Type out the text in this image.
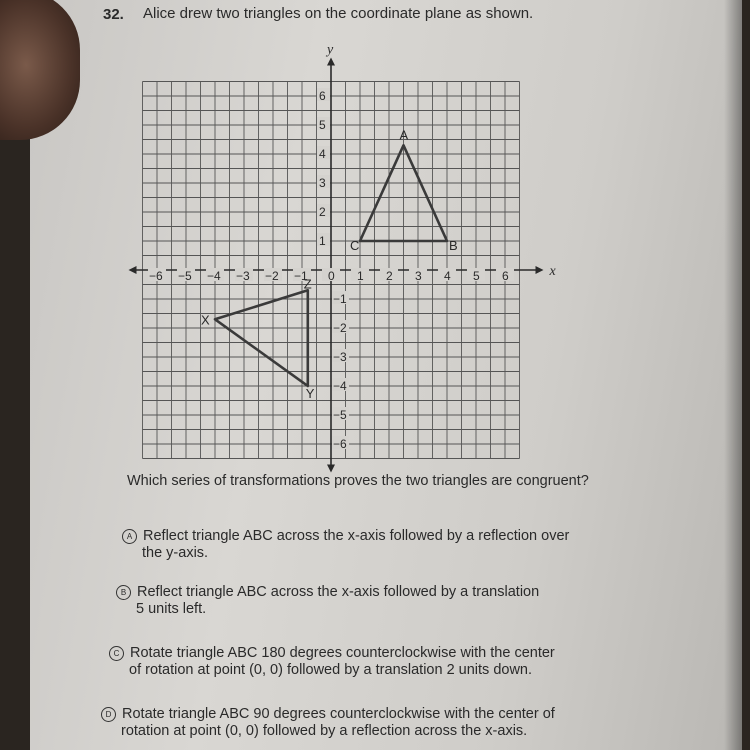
32. Alice drew two triangles on the coordinate plane as shown.
x
y
−6 −5 −4 −3 −2 −1 0 1 2 3 4 5 6
1
2
3
4
5
6
−1
−2
−3
−4
−5
−6
A
B
C
X
Y
Z
Which series of transformations proves the two triangles are congruent?
A Reflect triangle ABC across the x-axis followed by a reflection over
the y-axis.
B Reflect triangle ABC across the x-axis followed by a translation
5 units left.
C Rotate triangle ABC 180 degrees counterclockwise with the center
of rotation at point (0, 0) followed by a translation 2 units down.
D Rotate triangle ABC 90 degrees counterclockwise with the center of
rotation at point (0, 0) followed by a reflection across the x-axis.
